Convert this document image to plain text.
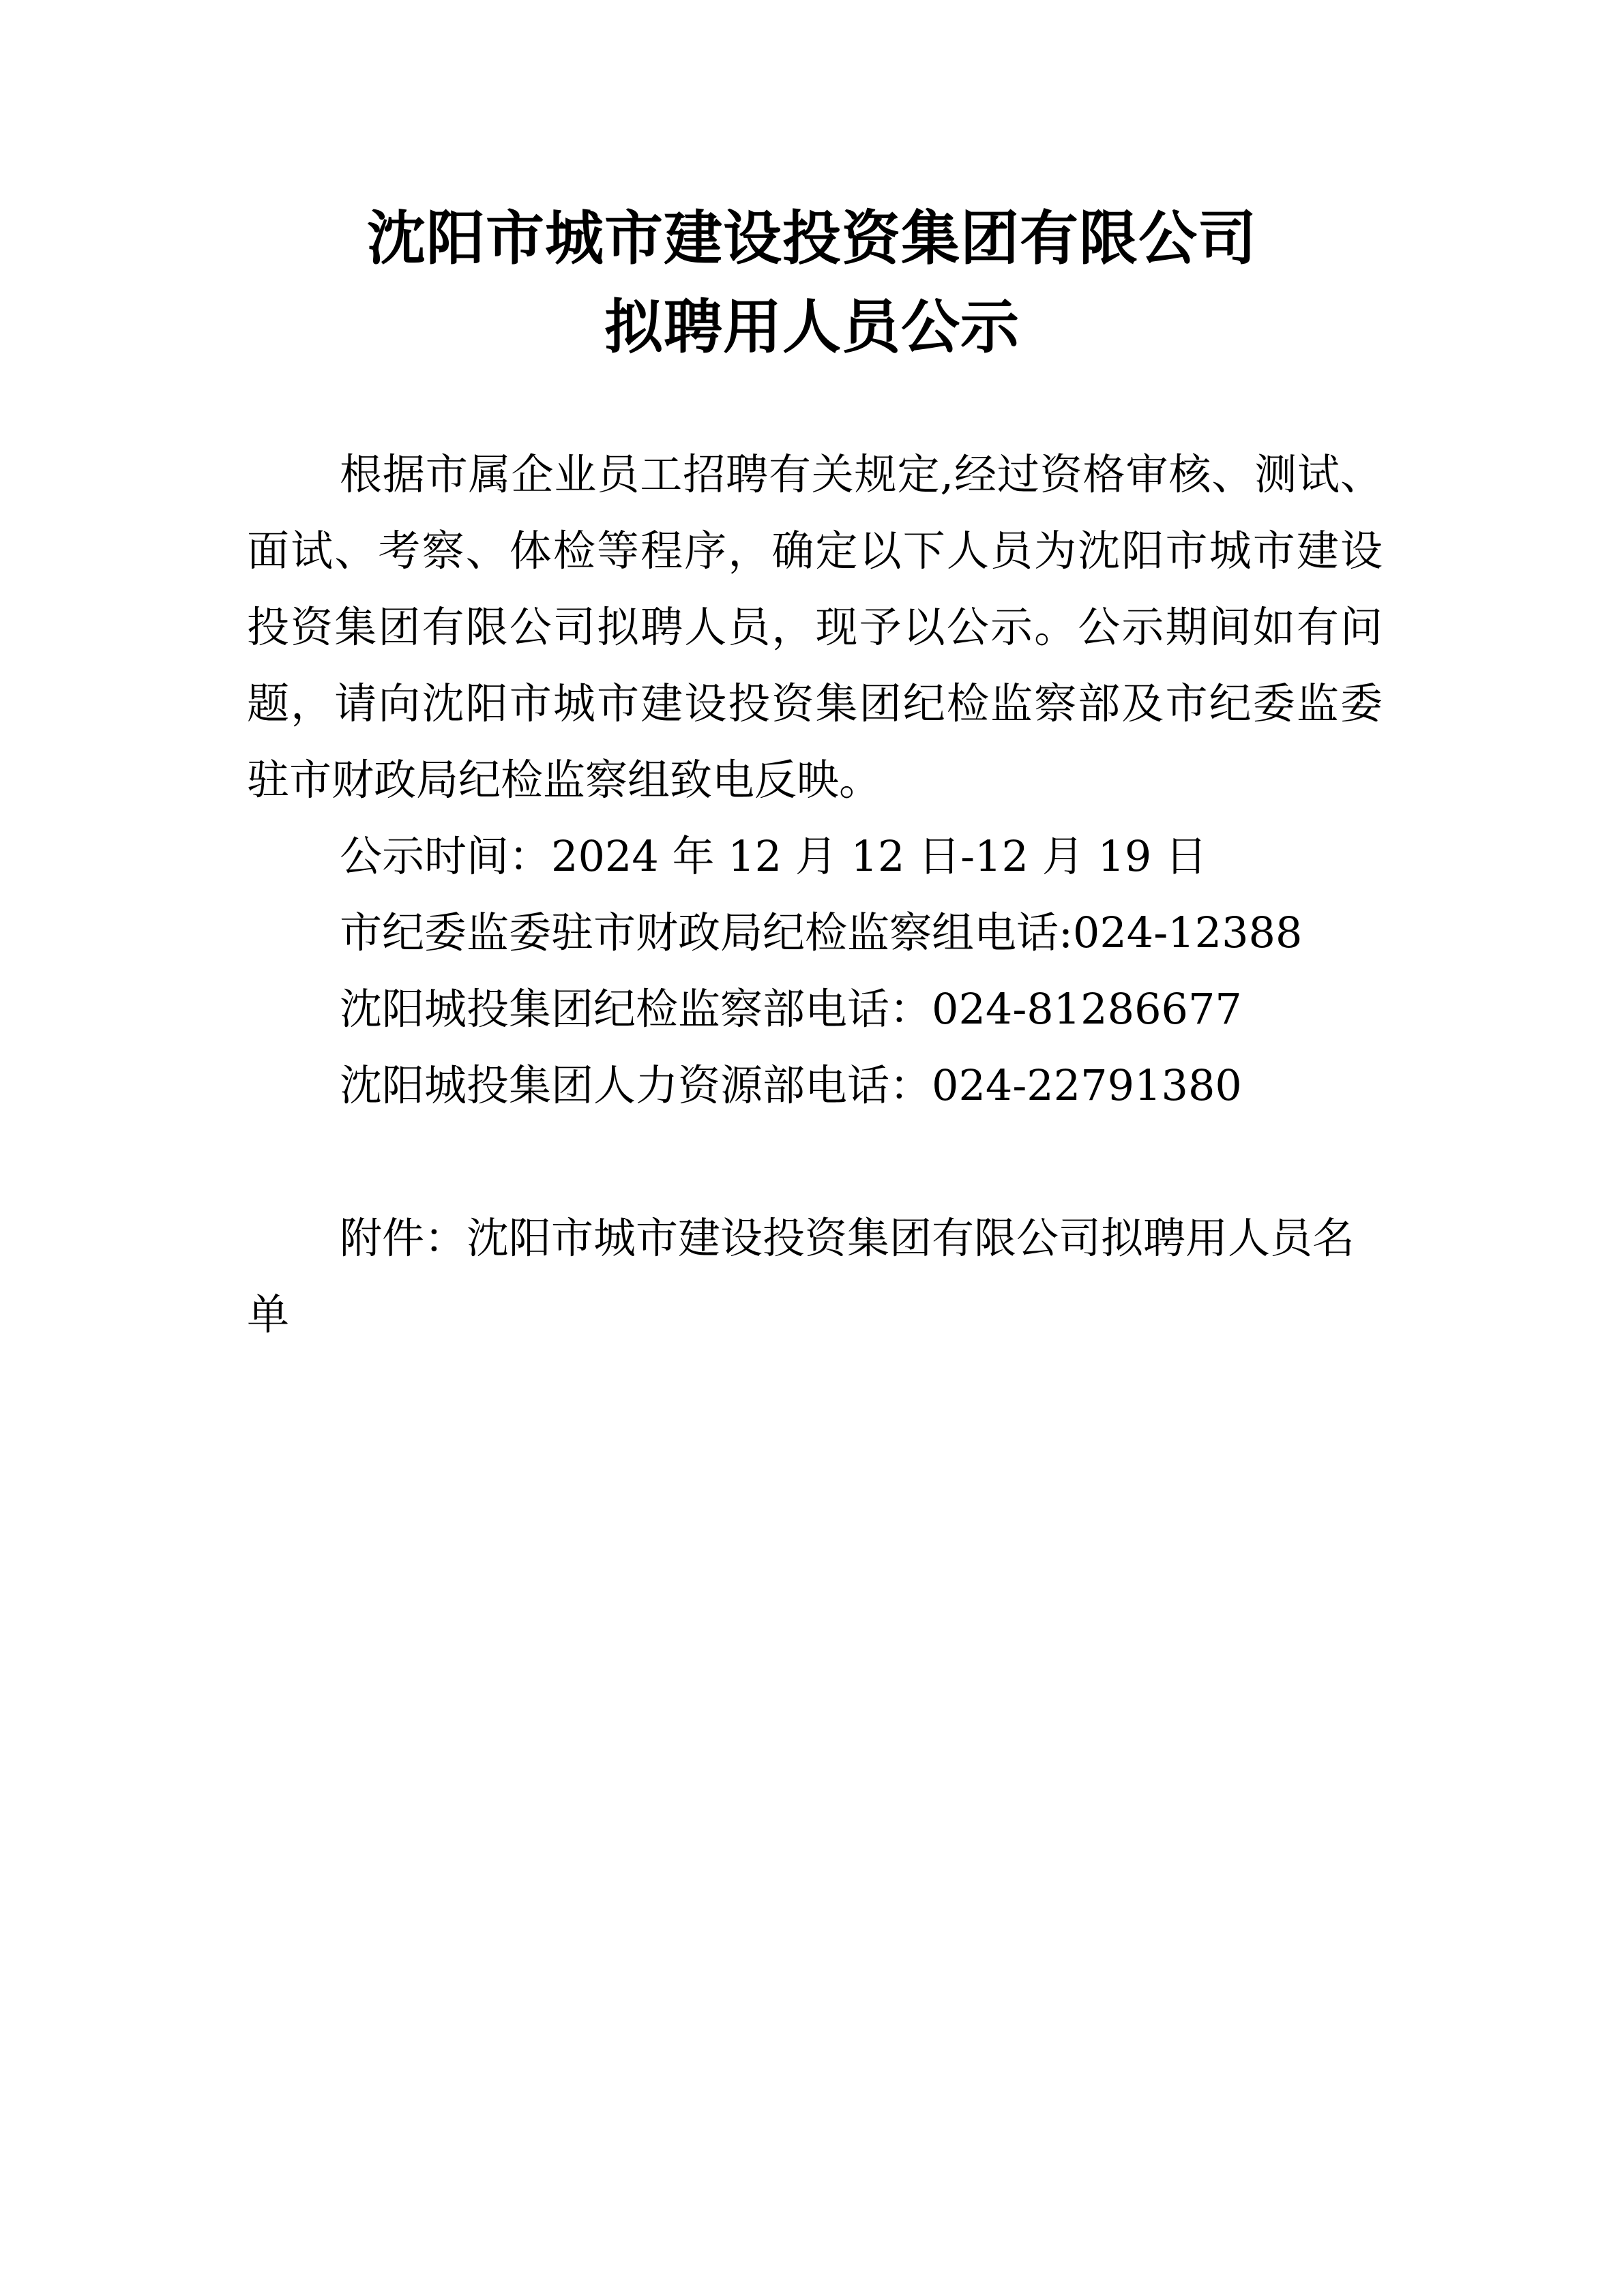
沈阳市城市建设投资集团有限公司
拟聘用人员公示

根据市属企业员工招聘有关规定,经过资格审核、测试、面试、考察、体检等程序，确定以下人员为沈阳市城市建设投资集团有限公司拟聘人员，现予以公示。公示期间如有问题，请向沈阳市城市建设投资集团纪检监察部及市纪委监委驻市财政局纪检监察组致电反映。

公示时间：2024 年 12 月 12 日-12 月 19 日

市纪委监委驻市财政局纪检监察组电话:024-12388

沈阳城投集团纪检监察部电话：024-81286677

沈阳城投集团人力资源部电话：024-22791380

附件：沈阳市城市建设投资集团有限公司拟聘用人员名单
